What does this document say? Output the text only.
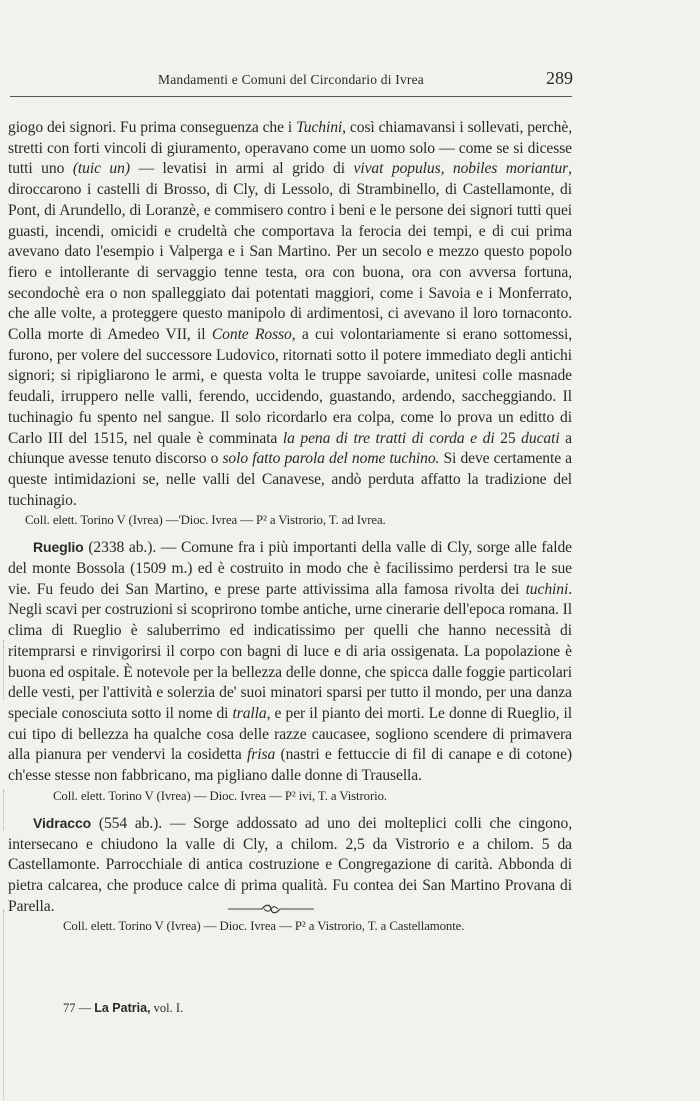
Mandamenti e Comuni del Circondario di Ivrea	289

giogo dei signori. Fu prima conseguenza che i Tuchini, così chiamavansi i sollevati, perchè, stretti con forti vincoli di giuramento, operavano come un uomo solo — come se si dicesse tutti uno (tuic un) — levatisi in armi al grido di vivat populus, nobiles moriantur, diroccarono i castelli di Brosso, di Cly, di Lessolo, di Strambinello, di Castellamonte, di Pont, di Arundello, di Loranzè, e commisero contro i beni e le persone dei signori tutti quei guasti, incendi, omicidi e crudeltà che comportava la ferocia dei tempi, e di cui prima avevano dato l'esempio i Valperga e i San Martino. Per un secolo e mezzo questo popolo fiero e intollerante di servaggio tenne testa, ora con buona, ora con avversa fortuna, secondochè era o non spalleggiato dai potentati maggiori, come i Savoia e i Monferrato, che alle volte, a proteggere questo manipolo di ardimentosi, ci avevano il loro tornaconto. Colla morte di Amedeo VII, il Conte Rosso, a cui volontariamente si erano sottomessi, furono, per volere del successore Ludovico, ritornati sotto il potere immediato degli antichi signori; si ripigliarono le armi, e questa volta le truppe savoiarde, unitesi colle masnade feudali, irruppero nelle valli, ferendo, uccidendo, guastando, ardendo, saccheggiando. Il tuchinagio fu spento nel sangue. Il solo ricordarlo era colpa, come lo prova un editto di Carlo III del 1515, nel quale è comminata la pena di tre tratti di corda e di 25 ducati a chiunque avesse tenuto discorso o solo fatto parola del nome tuchino. Si deve certamente a queste intimidazioni se, nelle valli del Canavese, andò perduta affatto la tradizione del tuchinagio.

Coll. elett. Torino V (Ivrea) —'Dioc. Ivrea — P² a Vistrorio, T. ad Ivrea.

Rueglio (2338 ab.). — Comune fra i più importanti della valle di Cly, sorge alle falde del monte Bossola (1509 m.) ed è costruito in modo che è facilissimo perdersi tra le sue vie. Fu feudo dei San Martino, e prese parte attivissima alla famosa rivolta dei tuchini. Negli scavi per costruzioni si scoprirono tombe antiche, urne cinerarie dell'epoca romana. Il clima di Rueglio è saluberrimo ed indicatissimo per quelli che hanno necessità di ritemprarsi e rinvigorirsi il corpo con bagni di luce e di aria ossigenata. La popolazione è buona ed ospitale. È notevole per la bellezza delle donne, che spicca dalle foggie particolari delle vesti, per l'attività e solerzia de' suoi minatori sparsi per tutto il mondo, per una danza speciale conosciuta sotto il nome di tralla, e per il pianto dei morti. Le donne di Rueglio, il cui tipo di bellezza ha qualche cosa delle razze caucasee, sogliono scendere di primavera alla pianura per vendervi la cosidetta frisa (nastri e fettuccie di fil di canape e di cotone) ch'esse stesse non fabbricano, ma pigliano dalle donne di Trausella.

Coll. elett. Torino V (Ivrea) — Dioc. Ivrea — P² ivi, T. a Vistrorio.

Vidracco (554 ab.). — Sorge addossato ad uno dei molteplici colli che cingono, intersecano e chiudono la valle di Cly, a chilom. 2,5 da Vistrorio e a chilom. 5 da Castellamonte. Parrocchiale di antica costruzione e Congregazione di carità. Abbonda di pietra calcarea, che produce calce di prima qualità. Fu contea dei San Martino Provana di Parella.

Coll. elett. Torino V (Ivrea) — Dioc. Ivrea — P² a Vistrorio, T. a Castellamonte.

77 — La Patria, vol. I.
